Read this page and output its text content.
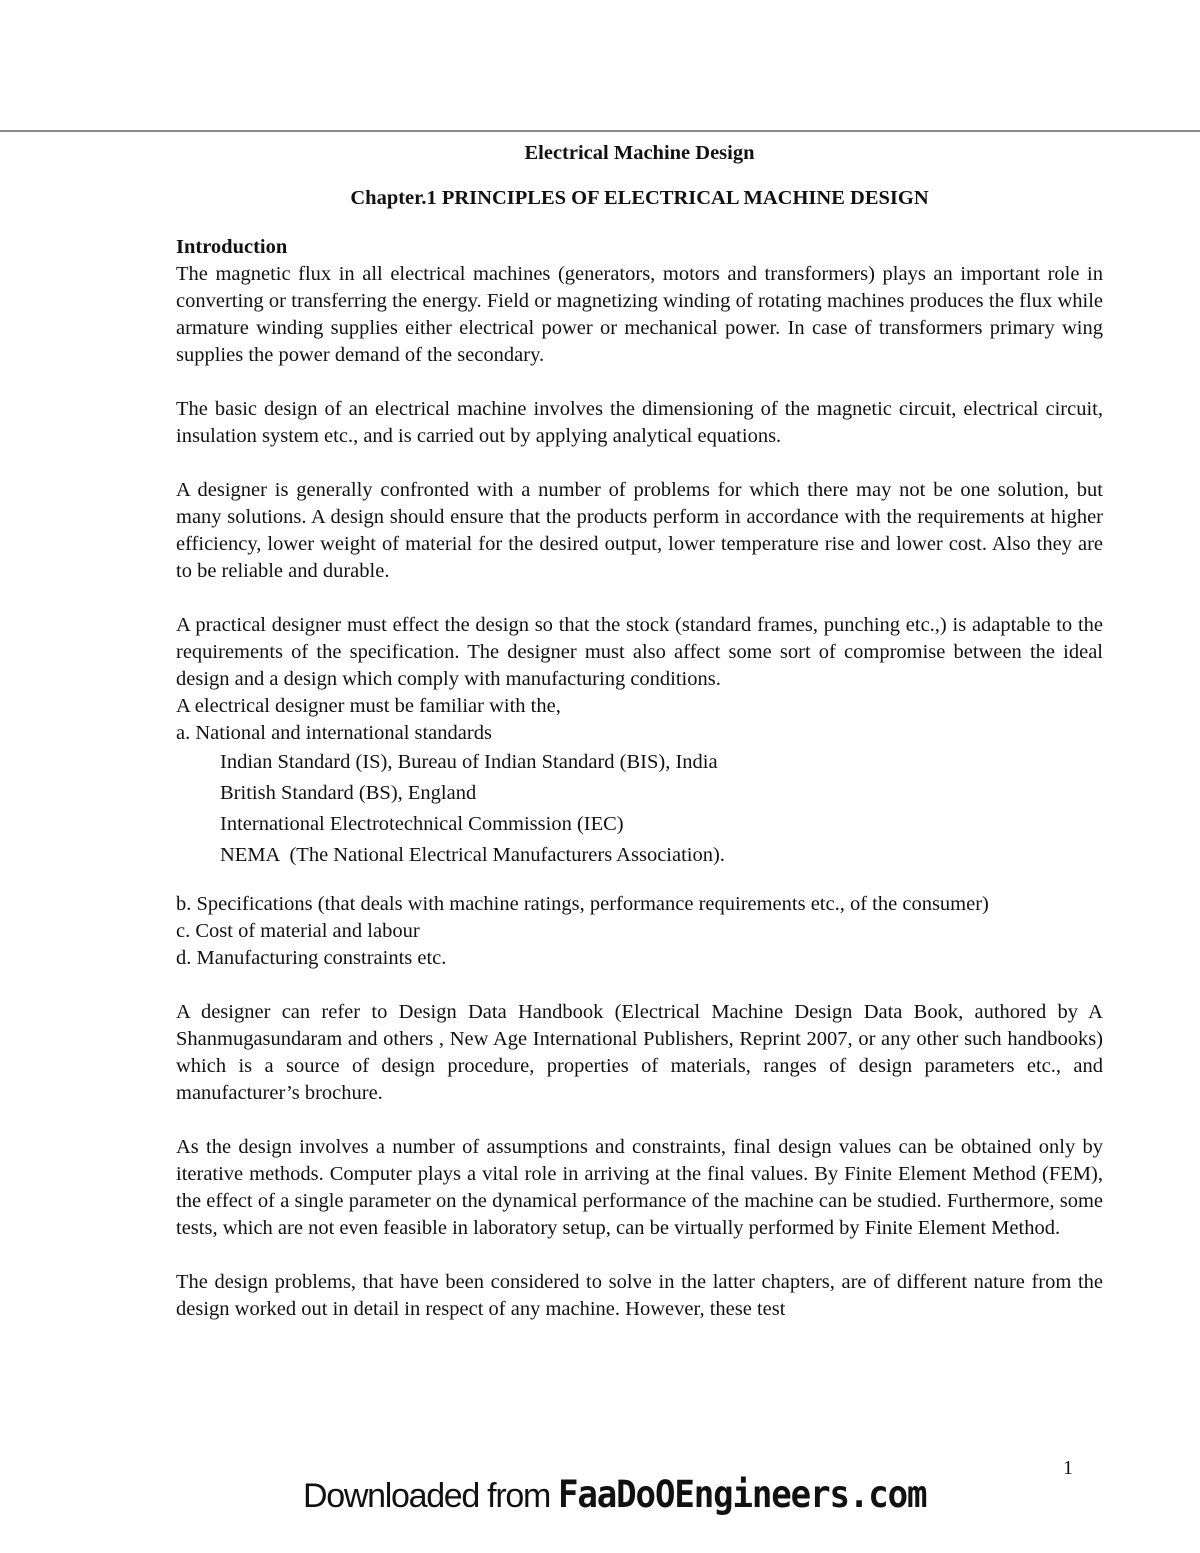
Electrical Machine Design
Chapter.1 PRINCIPLES OF ELECTRICAL MACHINE DESIGN
Introduction

The magnetic flux in all electrical machines (generators, motors and transformers) plays an important role in converting or transferring the energy. Field or magnetizing winding of rotating machines produces the flux while armature winding supplies either electrical power or mechanical power. In case of transformers primary wing supplies the power demand of the secondary.

The basic design of an electrical machine involves the dimensioning of the magnetic circuit, electrical circuit, insulation system etc., and is carried out by applying analytical equations.

A designer is generally confronted with a number of problems for which there may not be one solution, but many solutions. A design should ensure that the products perform in accordance with the requirements at higher efficiency, lower weight of material for the desired output, lower temperature rise and lower cost. Also they are to be reliable and durable.

A practical designer must effect the design so that the stock (standard frames, punching etc.,) is adaptable to the requirements of the specification. The designer must also affect some sort of compromise between the ideal design and a design which comply with manufacturing conditions.

A electrical designer must be familiar with the,
a. National and international standards
Indian Standard (IS), Bureau of Indian Standard (BIS), India
British Standard (BS), England
International Electrotechnical Commission (IEC)
NEMA  (The National Electrical Manufacturers Association).
b. Specifications (that deals with machine ratings, performance requirements etc., of the consumer)
c. Cost of material and labour
d. Manufacturing constraints etc.

A designer can refer to Design Data Handbook (Electrical Machine Design Data Book, authored by A Shanmugasundaram and others , New Age International Publishers, Reprint 2007, or any other such handbooks) which is a source of design procedure, properties of materials, ranges of design parameters etc., and manufacturer’s brochure.

As the design involves a number of assumptions and constraints, final design values can be obtained only by iterative methods. Computer plays a vital role in arriving at the final values. By Finite Element Method (FEM), the effect of a single parameter on the dynamical performance of the machine can be studied. Furthermore, some tests, which are not even feasible in laboratory setup, can be virtually performed by Finite Element Method.

The design problems, that have been considered to solve in the latter chapters, are of different nature from the design worked out in detail in respect of any machine. However, these test

1
Downloaded from FaaDoOEngineers.com
